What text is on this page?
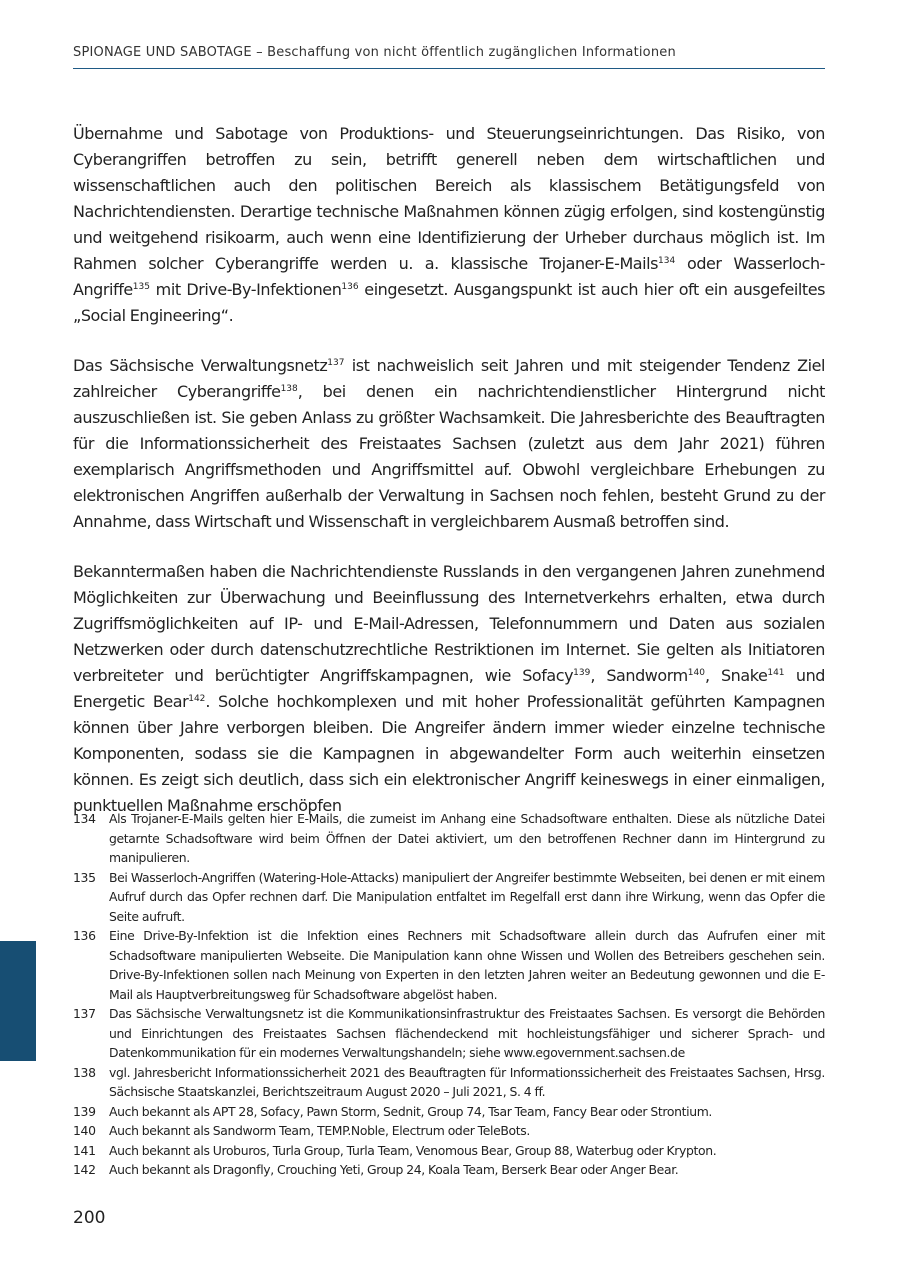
SPIONAGE UND SABOTAGE – Beschaffung von nicht öffentlich zugänglichen Informationen

Übernahme und Sabotage von Produktions- und Steuerungseinrichtungen. Das Risiko, von Cyberangriffen betroffen zu sein, betrifft generell neben dem wirtschaftlichen und wissenschaftlichen auch den politischen Bereich als klassischem Betätigungsfeld von Nachrichtendiensten. Derartige technische Maßnahmen können zügig erfolgen, sind kostengünstig und weitgehend risikoarm, auch wenn eine Identifizierung der Urheber durchaus möglich ist. Im Rahmen solcher Cyberangriffe werden u. a. klassische Trojaner-E-Mails$^{134}$ oder Wasserloch-Angriffe$^{135}$ mit Drive-By-Infektionen$^{136}$ eingesetzt. Ausgangspunkt ist auch hier oft ein ausgefeiltes „Social Engineering“.

Das Sächsische Verwaltungsnetz$^{137}$ ist nachweislich seit Jahren und mit steigender Tendenz Ziel zahlreicher Cyberangriffe$^{138}$, bei denen ein nachrichtendienstlicher Hintergrund nicht auszuschließen ist. Sie geben Anlass zu größter Wachsamkeit. Die Jahresberichte des Beauftragten für die Informationssicherheit des Freistaates Sachsen (zuletzt aus dem Jahr 2021) führen exemplarisch Angriffsmethoden und Angriffsmittel auf. Obwohl vergleichbare Erhebungen zu elektronischen Angriffen außerhalb der Verwaltung in Sachsen noch fehlen, besteht Grund zu der Annahme, dass Wirtschaft und Wissenschaft in vergleichbarem Ausmaß betroffen sind.

Bekanntermaßen haben die Nachrichtendienste Russlands in den vergangenen Jahren zunehmend Möglichkeiten zur Überwachung und Beeinflussung des Internetverkehrs erhalten, etwa durch Zugriffsmöglichkeiten auf IP- und E-Mail-Adressen, Telefonnummern und Daten aus sozialen Netzwerken oder durch datenschutzrechtliche Restriktionen im Internet. Sie gelten als Initiatoren verbreiteter und berüchtigter Angriffskampagnen, wie Sofacy$^{139}$, Sandworm$^{140}$, Snake$^{141}$ und Energetic Bear$^{142}$. Solche hochkomplexen und mit hoher Professionalität geführten Kampagnen können über Jahre verborgen bleiben. Die Angreifer ändern immer wieder einzelne technische Komponenten, sodass sie die Kampagnen in abgewandelter Form auch weiterhin einsetzen können. Es zeigt sich deutlich, dass sich ein elektronischer Angriff keineswegs in einer einmaligen, punktuellen Maßnahme erschöpfen

134	Als Trojaner-E-Mails gelten hier E-Mails, die zumeist im Anhang eine Schadsoftware enthalten. Diese als nützliche Datei getarnte Schadsoftware wird beim Öffnen der Datei aktiviert, um den betroffenen Rechner dann im Hintergrund zu manipulieren.
135	Bei Wasserloch-Angriffen (Watering-Hole-Attacks) manipuliert der Angreifer bestimmte Webseiten, bei denen er mit einem Aufruf durch das Opfer rechnen darf. Die Manipulation entfaltet im Regelfall erst dann ihre Wirkung, wenn das Opfer die Seite aufruft.
136	Eine Drive-By-Infektion ist die Infektion eines Rechners mit Schadsoftware allein durch das Aufrufen einer mit Schadsoftware manipulierten Webseite. Die Manipulation kann ohne Wissen und Wollen des Betreibers geschehen sein. Drive-By-Infektionen sollen nach Meinung von Experten in den letzten Jahren weiter an Bedeutung gewonnen und die E-Mail als Hauptverbreitungsweg für Schadsoftware abgelöst haben.
137	Das Sächsische Verwaltungsnetz ist die Kommunikationsinfrastruktur des Freistaates Sachsen. Es versorgt die Behörden und Einrichtungen des Freistaates Sachsen flächendeckend mit hochleistungsfähiger und sicherer Sprach- und Datenkommunikation für ein modernes Verwaltungshandeln; siehe www.egovernment.sachsen.de
138	vgl. Jahresbericht Informationssicherheit 2021 des Beauftragten für Informationssicherheit des Freistaates Sachsen, Hrsg. Sächsische Staatskanzlei, Berichtszeitraum August 2020 – Juli 2021, S. 4 ff.
139	Auch bekannt als APT 28, Sofacy, Pawn Storm, Sednit, Group 74, Tsar Team, Fancy Bear oder Strontium.
140	Auch bekannt als Sandworm Team, TEMP.Noble, Electrum oder TeleBots.
141	Auch bekannt als Uroburos, Turla Group, Turla Team, Venomous Bear, Group 88, Waterbug oder Krypton.
142	Auch bekannt als Dragonfly, Crouching Yeti, Group 24, Koala Team, Berserk Bear oder Anger Bear.
200
